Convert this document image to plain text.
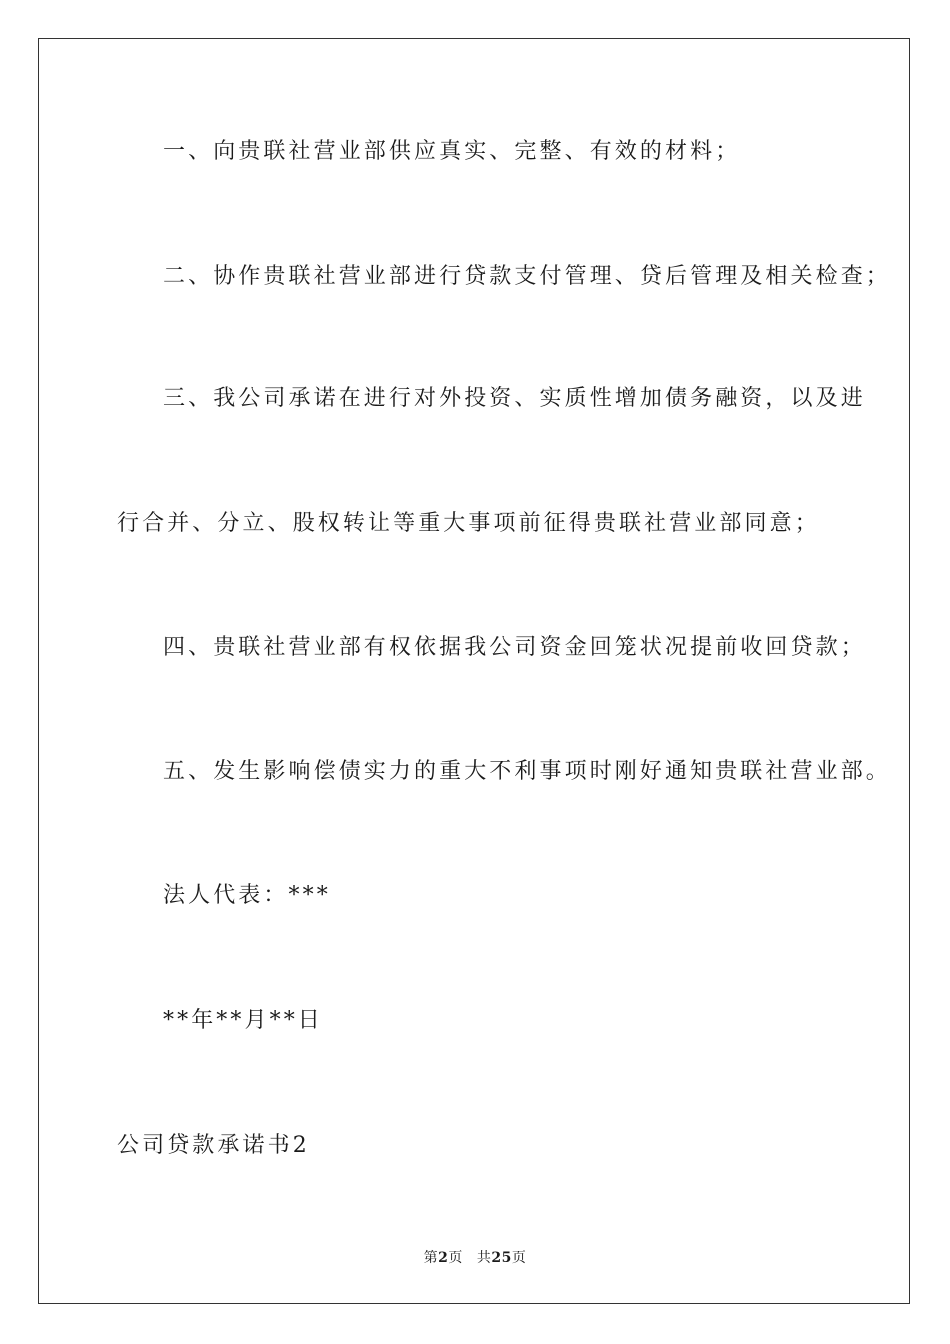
一、向贵联社营业部供应真实、完整、有效的材料；
二、协作贵联社营业部进行贷款支付管理、贷后管理及相关检查；
三、我公司承诺在进行对外投资、实质性增加债务融资，以及进
行合并、分立、股权转让等重大事项前征得贵联社营业部同意；
四、贵联社营业部有权依据我公司资金回笼状况提前收回贷款；
五、发生影响偿债实力的重大不利事项时刚好通知贵联社营业部。
法人代表：***
**年**月**日
公司贷款承诺书2
第2页 共25页
